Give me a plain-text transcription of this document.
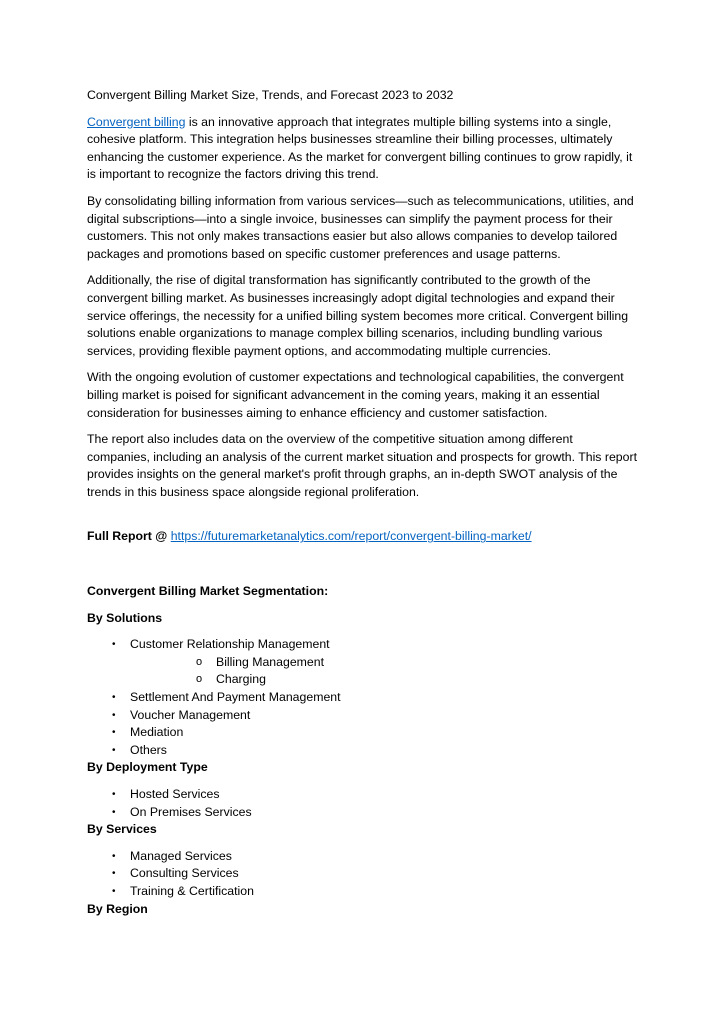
Convergent Billing Market Size, Trends, and Forecast 2023 to 2032

Convergent billing is an innovative approach that integrates multiple billing systems into a single, cohesive platform. This integration helps businesses streamline their billing processes, ultimately enhancing the customer experience. As the market for convergent billing continues to grow rapidly, it is important to recognize the factors driving this trend.

By consolidating billing information from various services—such as telecommunications, utilities, and digital subscriptions—into a single invoice, businesses can simplify the payment process for their customers. This not only makes transactions easier but also allows companies to develop tailored packages and promotions based on specific customer preferences and usage patterns.

Additionally, the rise of digital transformation has significantly contributed to the growth of the convergent billing market. As businesses increasingly adopt digital technologies and expand their service offerings, the necessity for a unified billing system becomes more critical. Convergent billing solutions enable organizations to manage complex billing scenarios, including bundling various services, providing flexible payment options, and accommodating multiple currencies.

With the ongoing evolution of customer expectations and technological capabilities, the convergent billing market is poised for significant advancement in the coming years, making it an essential consideration for businesses aiming to enhance efficiency and customer satisfaction.

The report also includes data on the overview of the competitive situation among different companies, including an analysis of the current market situation and prospects for growth. This report provides insights on the general market's profit through graphs, an in-depth SWOT analysis of the trends in this business space alongside regional proliferation.

Full Report @ https://futuremarketanalytics.com/report/convergent-billing-market/

Convergent Billing Market Segmentation:

By Solutions

• Customer Relationship Management
o Billing Management
o Charging
• Settlement And Payment Management
• Voucher Management
• Mediation
• Others

By Deployment Type

• Hosted Services
• On Premises Services

By Services

• Managed Services
• Consulting Services
• Training & Certification

By Region
